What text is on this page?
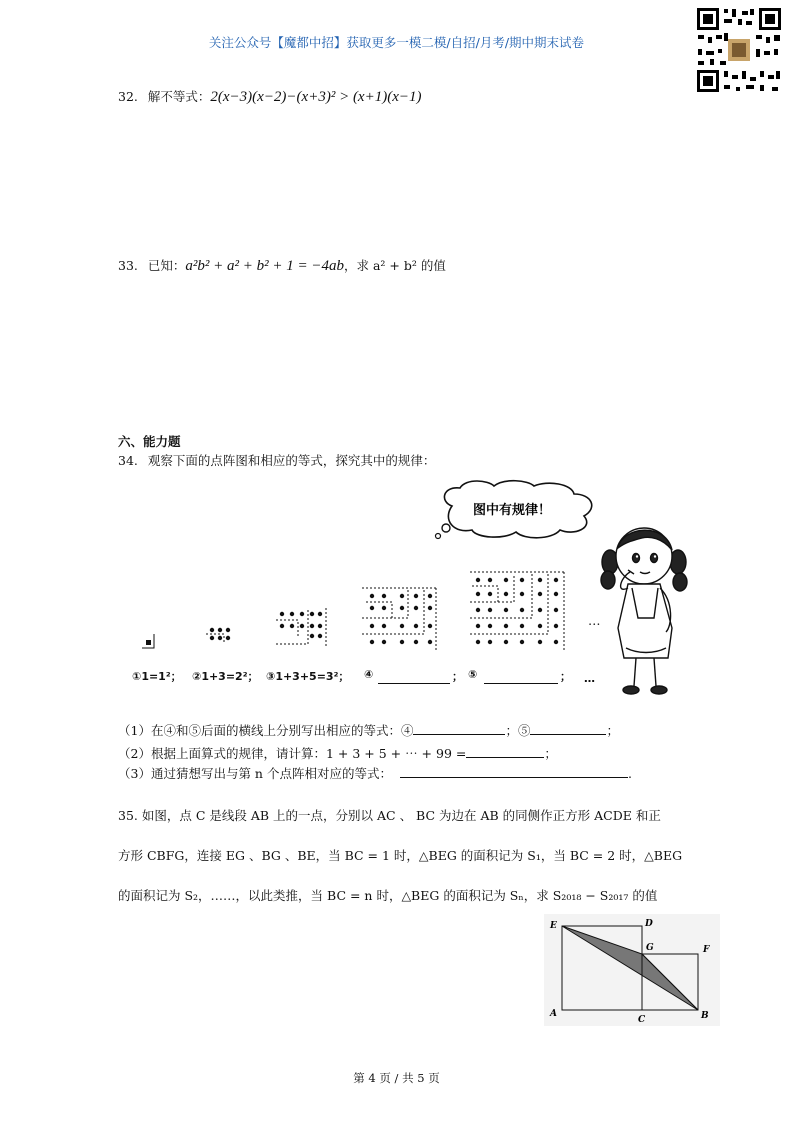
关注公众号【魔都中招】获取更多一模二模/自招/月考/期中期末试卷
32. 解不等式：2(x−3)(x−2)−(x+3)² > (x+1)(x−1)
33. 已知：a²b² + a² + b² + 1 = −4ab，求 a² + b² 的值
六、能力题
34. 观察下面的点阵图和相应的等式，探究其中的规律：
图中有规律！
…
①1=1²； ②1+3=2²； ③1+3+5=3²； ④	； ⑤	； …
（1）在④和⑤后面的横线上分别写出相应的等式：④	；⑤	；
（2）根据上面算式的规律，请计算：1 + 3 + 5 + ⋯ + 99 =	；
（3）通过猜想写出与第 n 个点阵相对应的等式：	.
35. 如图，点 C 是线段 AB 上的一点，分别以 AC 、 BC 为边在 AB 的同侧作正方形 ACDE 和正
方形 CBFG，连接 EG 、BG 、BE，当 BC = 1 时，△BEG 的面积记为 S₁，当 BC = 2 时，△BEG
的面积记为 S₂，……，以此类推，当 BC = n 时，△BEG 的面积记为 Sₙ，求 S₂₀₁₈ − S₂₀₁₇ 的值
E	D
G	F
A
C	B
第 4 页 / 共 5 页
